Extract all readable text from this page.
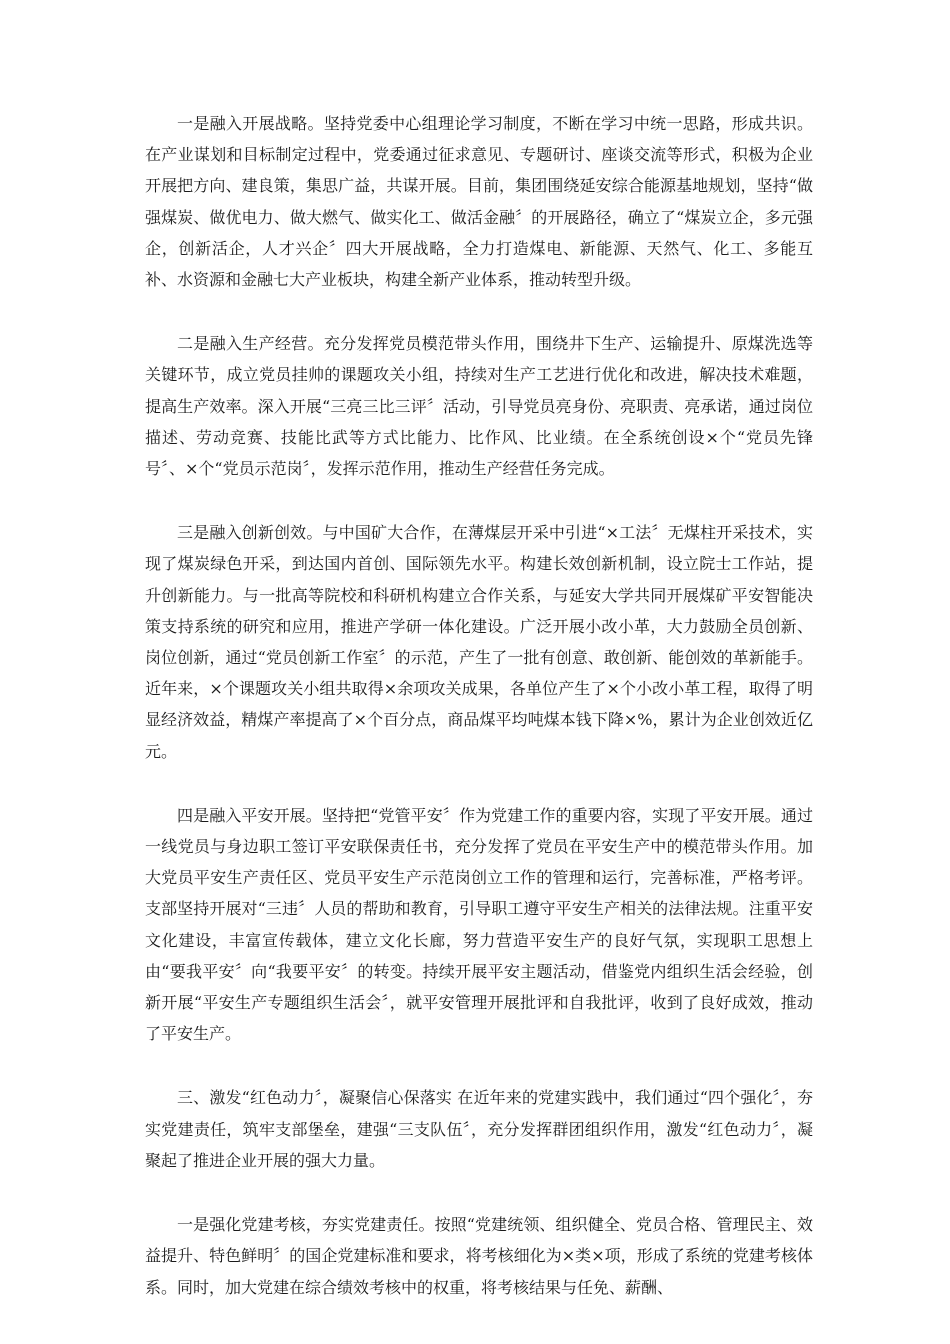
一是融入开展战略。坚持党委中心组理论学习制度，不断在学习中统一思路，形成共识。在产业谋划和目标制定过程中，党委通过征求意见、专题研讨、座谈交流等形式，积极为企业开展把方向、建良策，集思广益，共谋开展。目前，集团围绕延安综合能源基地规划，坚持“做强煤炭、做优电力、做大燃气、做实化工、做活金融〞的开展路径，确立了“煤炭立企，多元强企，创新活企，人才兴企〞四大开展战略，全力打造煤电、新能源、天然气、化工、多能互补、水资源和金融七大产业板块，构建全新产业体系，推动转型升级。

二是融入生产经营。充分发挥党员模范带头作用，围绕井下生产、运输提升、原煤洗选等关键环节，成立党员挂帅的课题攻关小组，持续对生产工艺进行优化和改进，解决技术难题，提高生产效率。深入开展“三亮三比三评〞活动，引导党员亮身份、亮职责、亮承诺，通过岗位描述、劳动竞赛、技能比武等方式比能力、比作风、比业绩。在全系统创设×个“党员先锋号〞、×个“党员示范岗〞，发挥示范作用，推动生产经营任务完成。

三是融入创新创效。与中国矿大合作，在薄煤层开采中引进“×工法〞无煤柱开采技术，实现了煤炭绿色开采，到达国内首创、国际领先水平。构建长效创新机制，设立院士工作站，提升创新能力。与一批高等院校和科研机构建立合作关系，与延安大学共同开展煤矿平安智能决策支持系统的研究和应用，推进产学研一体化建设。广泛开展小改小革，大力鼓励全员创新、岗位创新，通过“党员创新工作室〞的示范，产生了一批有创意、敢创新、能创效的革新能手。近年来，×个课题攻关小组共取得×余项攻关成果，各单位产生了×个小改小革工程，取得了明显经济效益，精煤产率提高了×个百分点，商品煤平均吨煤本钱下降×%，累计为企业创效近亿元。

四是融入平安开展。坚持把“党管平安〞作为党建工作的重要内容，实现了平安开展。通过一线党员与身边职工签订平安联保责任书，充分发挥了党员在平安生产中的模范带头作用。加大党员平安生产责任区、党员平安生产示范岗创立工作的管理和运行，完善标准，严格考评。支部坚持开展对“三违〞人员的帮助和教育，引导职工遵守平安生产相关的法律法规。注重平安文化建设，丰富宣传载体，建立文化长廊，努力营造平安生产的良好气氛，实现职工思想上由“要我平安〞向“我要平安〞的转变。持续开展平安主题活动，借鉴党内组织生活会经验，创新开展“平安生产专题组织生活会〞，就平安管理开展批评和自我批评，收到了良好成效，推动了平安生产。

三、激发“红色动力〞，凝聚信心保落实 在近年来的党建实践中，我们通过“四个强化〞，夯实党建责任，筑牢支部堡垒，建强“三支队伍〞，充分发挥群团组织作用，激发“红色动力〞，凝聚起了推进企业开展的强大力量。

一是强化党建考核，夯实党建责任。按照“党建统领、组织健全、党员合格、管理民主、效益提升、特色鲜明〞的国企党建标准和要求，将考核细化为×类×项，形成了系统的党建考核体系。同时，加大党建在综合绩效考核中的权重，将考核结果与任免、薪酬、
